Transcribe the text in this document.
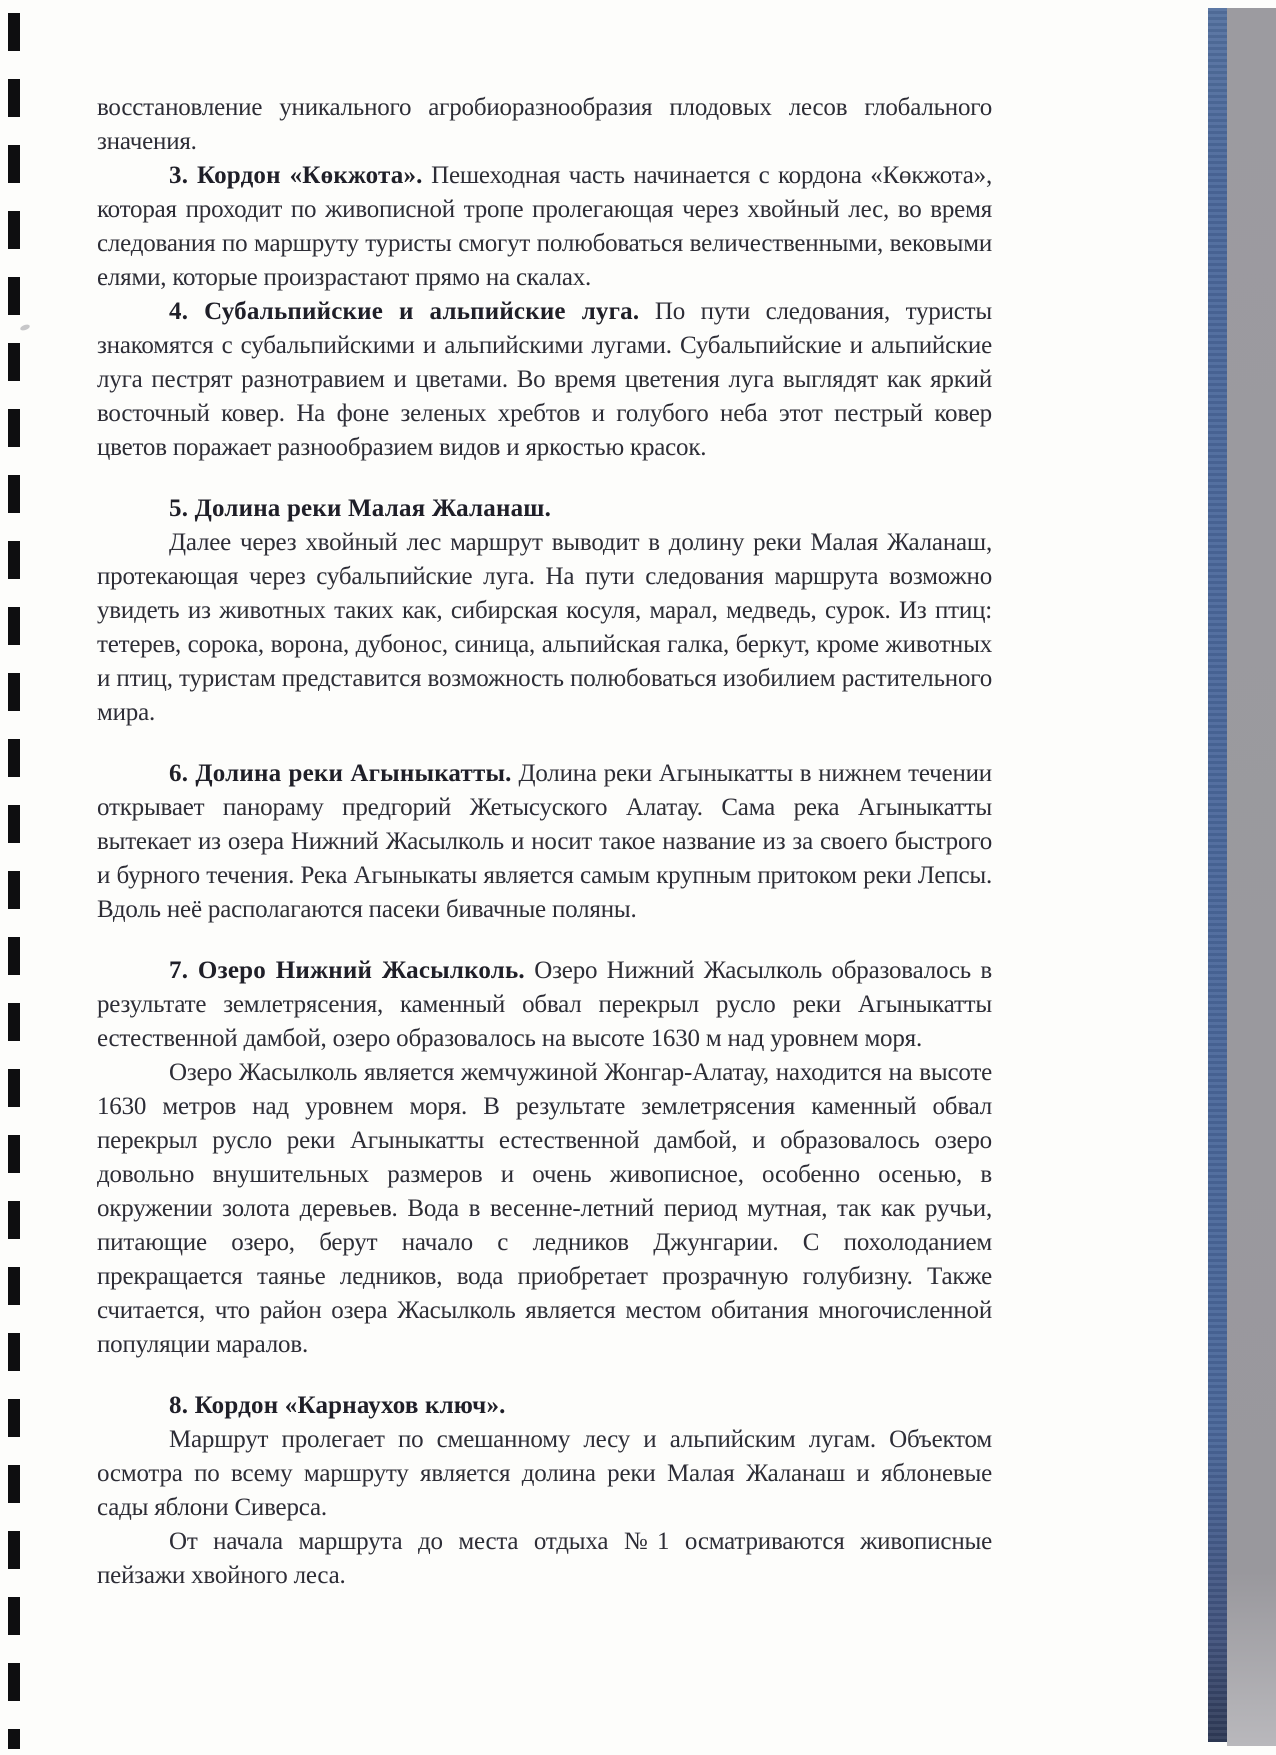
восстановление уникального агробиоразнообразия плодовых лесов глобального значения.

3. Кордон «Көкжота». Пешеходная часть начинается с кордона «Көкжота», которая проходит по живописной тропе пролегающая через хвойный лес, во время следования по маршруту туристы смогут полюбоваться величественными, вековыми елями, которые произрастают прямо на скалах.

4. Субальпийские и альпийские луга. По пути следования, туристы знакомятся с субальпийскими и альпийскими лугами. Субальпийские и альпийские луга пестрят разнотравием и цветами. Во время цветения луга выглядят как яркий восточный ковер. На фоне зеленых хребтов и голубого неба этот пестрый ковер цветов поражает разнообразием видов и яркостью красок.

5. Долина реки Малая Жаланаш.

Далее через хвойный лес маршрут выводит в долину реки Малая Жаланаш, протекающая через субальпийские луга. На пути следования маршрута возможно увидеть из животных таких как, сибирская косуля, марал, медведь, сурок. Из птиц: тетерев, сорока, ворона, дубонос, синица, альпийская галка, беркут, кроме животных и птиц, туристам представится возможность полюбоваться изобилием растительного мира.

6. Долина реки Агыныкатты. Долина реки Агыныкатты в нижнем течении открывает панораму предгорий Жетысуского Алатау. Сама река Агыныкатты вытекает из озера Нижний Жасылколь и носит такое название из за своего быстрого и бурного течения. Река Агыныкаты является самым крупным притоком реки Лепсы. Вдоль неё располагаются пасеки бивачные поляны.

7. Озеро Нижний Жасылколь. Озеро Нижний Жасылколь образовалось в результате землетрясения, каменный обвал перекрыл русло реки Агыныкатты естественной дамбой, озеро образовалось на высоте 1630 м над уровнем моря.

Озеро Жасылколь является жемчужиной Жонгар-Алатау, находится на высоте 1630 метров над уровнем моря. В результате землетрясения каменный обвал перекрыл русло реки Агыныкатты естественной дамбой, и образовалось озеро довольно внушительных размеров и очень живописное, особенно осенью, в окружении золота деревьев. Вода в весенне-летний период мутная, так как ручьи, питающие озеро, берут начало с ледников Джунгарии. С похолоданием прекращается таянье ледников, вода приобретает прозрачную голубизну. Также считается, что район озера Жасылколь является местом обитания многочисленной популяции маралов.

8. Кордон «Карнаухов ключ».

Маршрут пролегает по смешанному лесу и альпийским лугам. Объектом осмотра по всему маршруту является долина реки Малая Жаланаш и яблоневые сады яблони Сиверса.

От начала маршрута до места отдыха №1 осматриваются живописные пейзажи хвойного леса.
